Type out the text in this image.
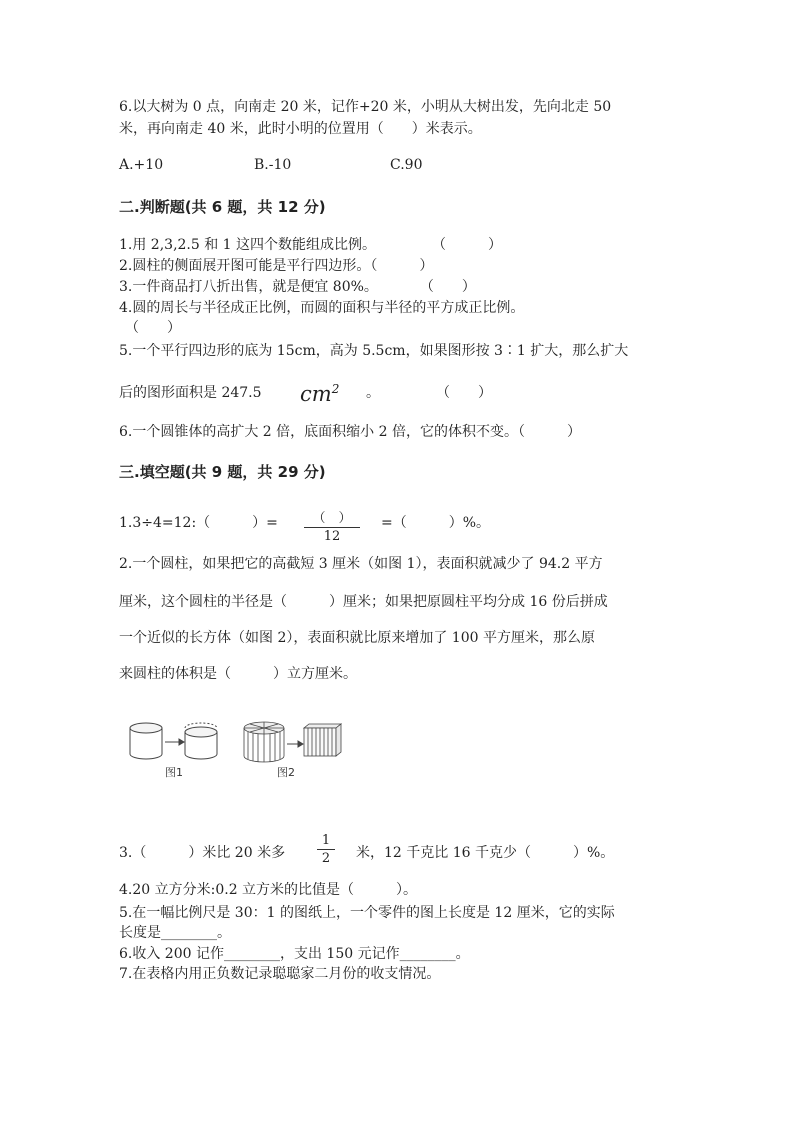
6.以大树为 0 点，向南走 20 米，记作+20 米，小明从大树出发，先向北走 50
米，再向南走 40 米，此时小明的位置用（　　）米表示。
A.+10	B.-10	C.90
二.判断题(共 6 题，共 12 分)
1.用 2,3,2.5 和 1 这四个数能组成比例。　　　　　（　　　）
2.圆柱的侧面展开图可能是平行四边形。（　　　）
3.一件商品打八折出售，就是便宜 80%。　　　　（　　）
4.圆的周长与半径成正比例，而圆的面积与半径的平方成正比例。
（　　）
5.一个平行四边形的底为 15cm，高为 5.5cm，如果图形按 3∶1 扩大，那么扩大
后的图形面积是 247.5 $cm^2$ 。　　　　　（　　）
6.一个圆锥体的高扩大 2 倍，底面积缩小 2 倍，它的体积不变。（　　　）
三.填空题(共 9 题，共 29 分)
1.3÷4=12:（　　　）=	（　）
12
=（　　　）%。
2.一个圆柱，如果把它的高截短 3 厘米（如图 1），表面积就减少了 94.2 平方
厘米，这个圆柱的半径是（　　　）厘米；如果把原圆柱平均分成 16 份后拼成
一个近似的长方体（如图 2），表面积就比原来增加了 100 平方厘米，那么原
来圆柱的体积是（　　　）立方厘米。
图1	图2
3.（　　　）米比 20 米多 $\frac{1}{2}$ 米，12 千克比 16 千克少（　　　）%。
4.20 立方分米:0.2 立方米的比值是（　　　）。
5.在一幅比例尺是 30：1 的图纸上，一个零件的图上长度是 12 厘米，它的实际
长度是________。
6.收入 200 记作________，支出 150 元记作________。
7.在表格内用正负数记录聪聪家二月份的收支情况。
